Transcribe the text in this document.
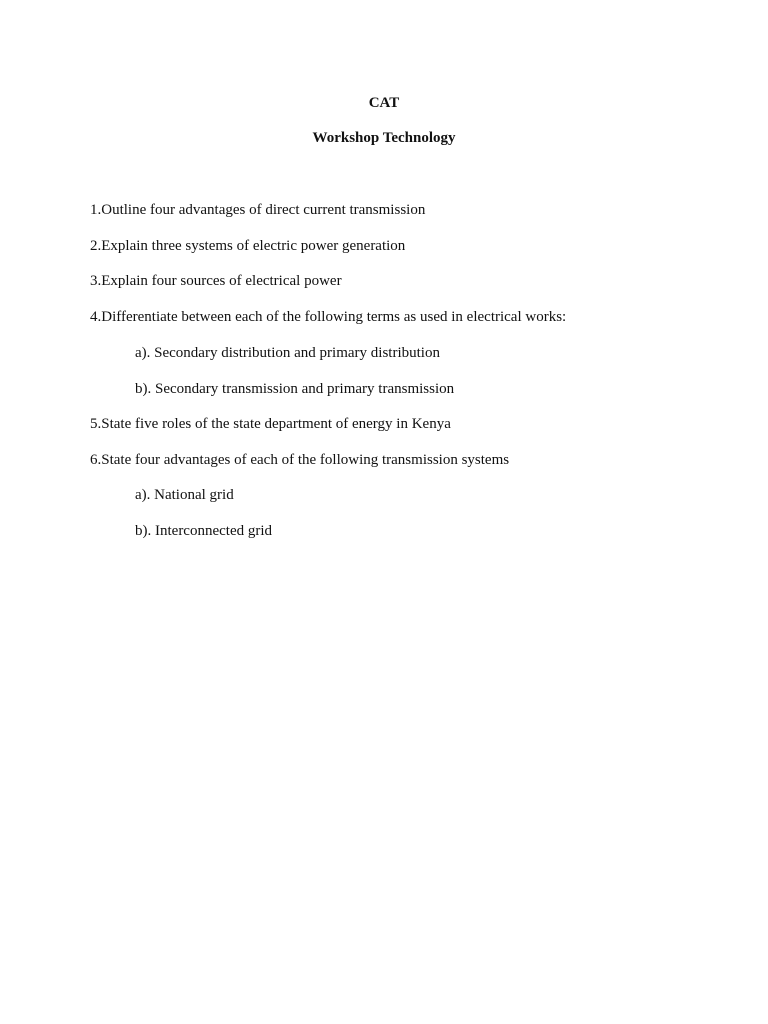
CAT

Workshop Technology

1.Outline four advantages of direct current transmission

2.Explain three systems of electric power generation

3.Explain four sources of electrical power

4.Differentiate between each of the following terms as used in electrical works:

a). Secondary distribution and primary distribution

b). Secondary transmission and primary transmission

5.State five roles of the state department of energy in Kenya

6.State four advantages of each of the following transmission systems

a). National grid

b). Interconnected grid
